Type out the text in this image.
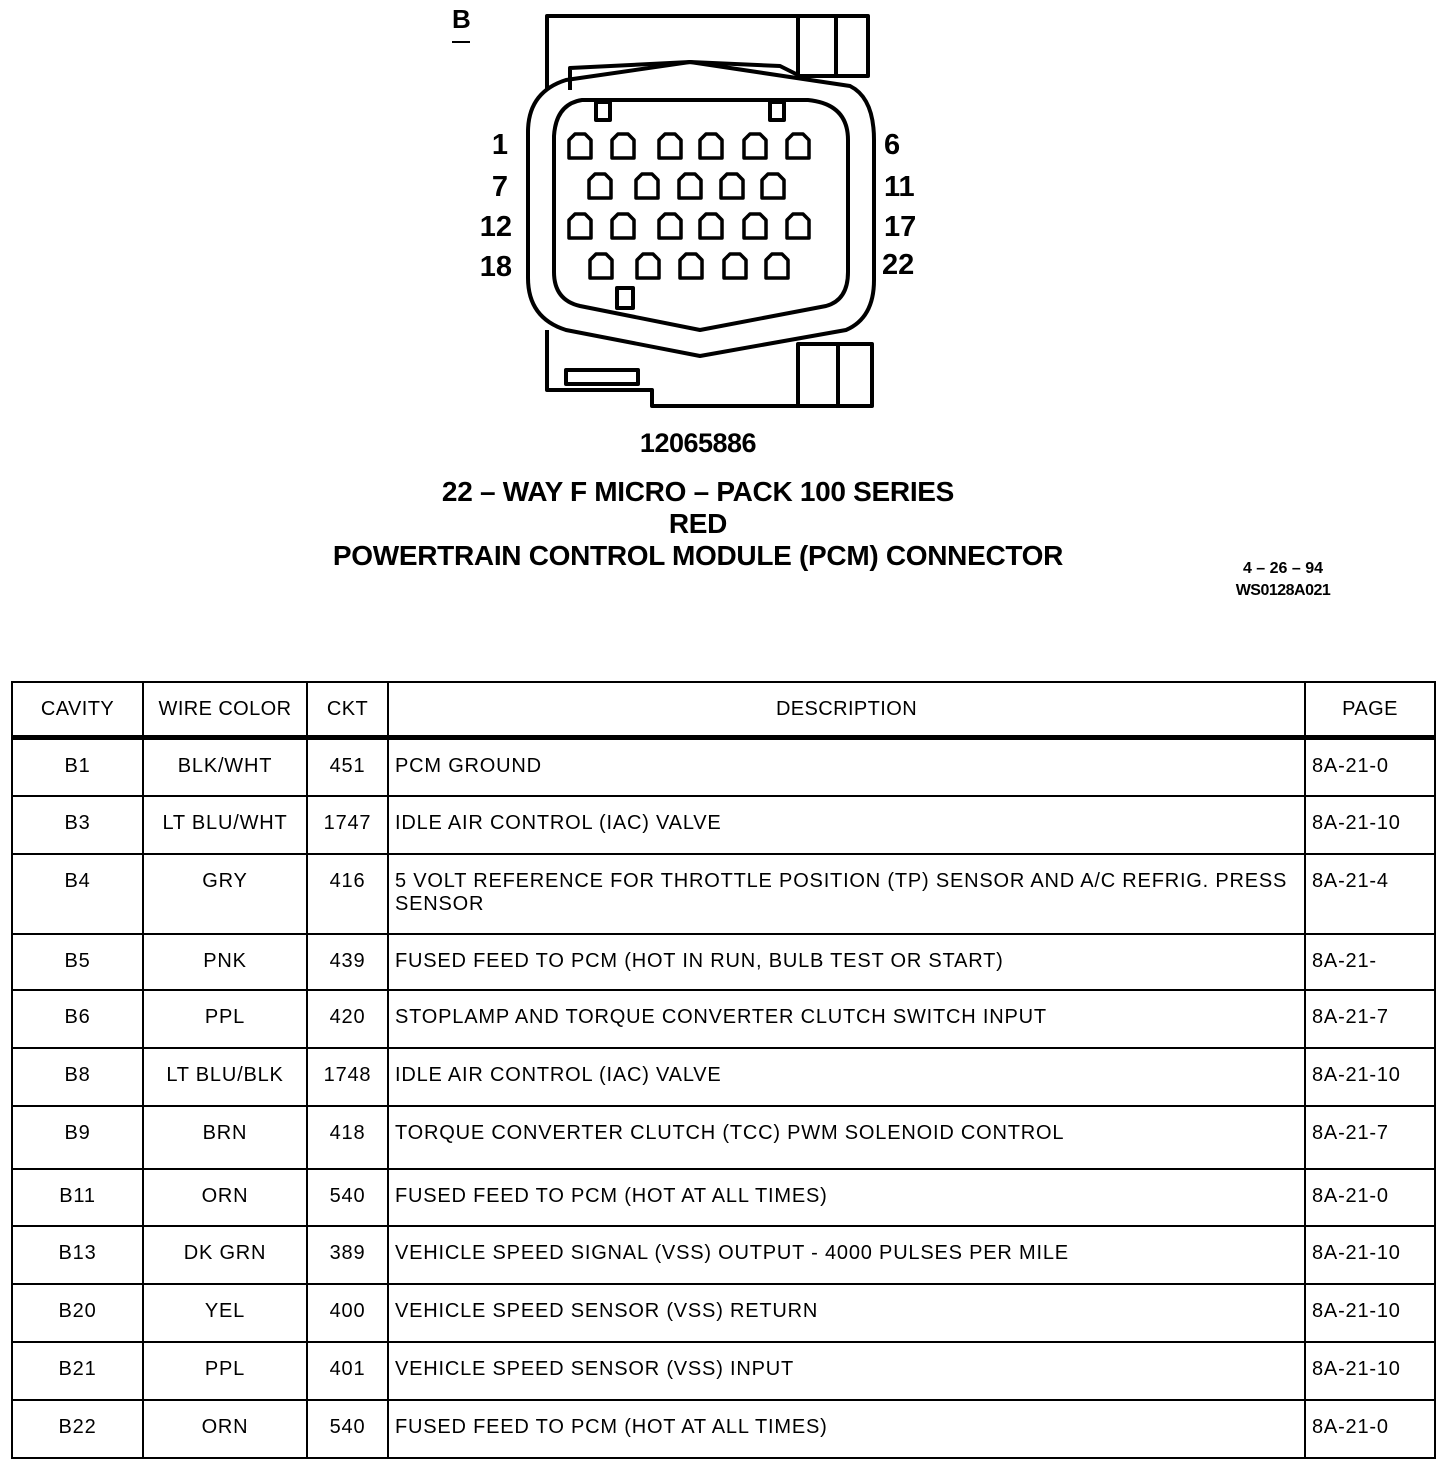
B
1	6
7	11
12	17
18	22
12065886
22 – WAY F MICRO – PACK 100 SERIES
RED
POWERTRAIN CONTROL MODULE (PCM) CONNECTOR	4 – 26 – 94
WS0128A021
CAVITY	WIRE COLOR	CKT	DESCRIPTION	PAGE
B1	BLK/WHT	451	PCM GROUND	8A-21-0
B3	LT BLU/WHT	1747	IDLE AIR CONTROL (IAC) VALVE	8A-21-10
B4	GRY	416	5 VOLT REFERENCE FOR THROTTLE POSITION (TP) SENSOR AND A/C REFRIG. PRESS SENSOR	8A-21-4
B5	PNK	439	FUSED FEED TO PCM (HOT IN RUN, BULB TEST OR START)	8A-21-
B6	PPL	420	STOPLAMP AND TORQUE CONVERTER CLUTCH SWITCH INPUT	8A-21-7
B8	LT BLU/BLK	1748	IDLE AIR CONTROL (IAC) VALVE	8A-21-10
B9	BRN	418	TORQUE CONVERTER CLUTCH (TCC) PWM SOLENOID CONTROL	8A-21-7
B11	ORN	540	FUSED FEED TO PCM (HOT AT ALL TIMES)	8A-21-0
B13	DK GRN	389	VEHICLE SPEED SIGNAL (VSS) OUTPUT - 4000 PULSES PER MILE	8A-21-10
B20	YEL	400	VEHICLE SPEED SENSOR (VSS) RETURN	8A-21-10
B21	PPL	401	VEHICLE SPEED SENSOR (VSS) INPUT	8A-21-10
B22	ORN	540	FUSED FEED TO PCM (HOT AT ALL TIMES)	8A-21-0
